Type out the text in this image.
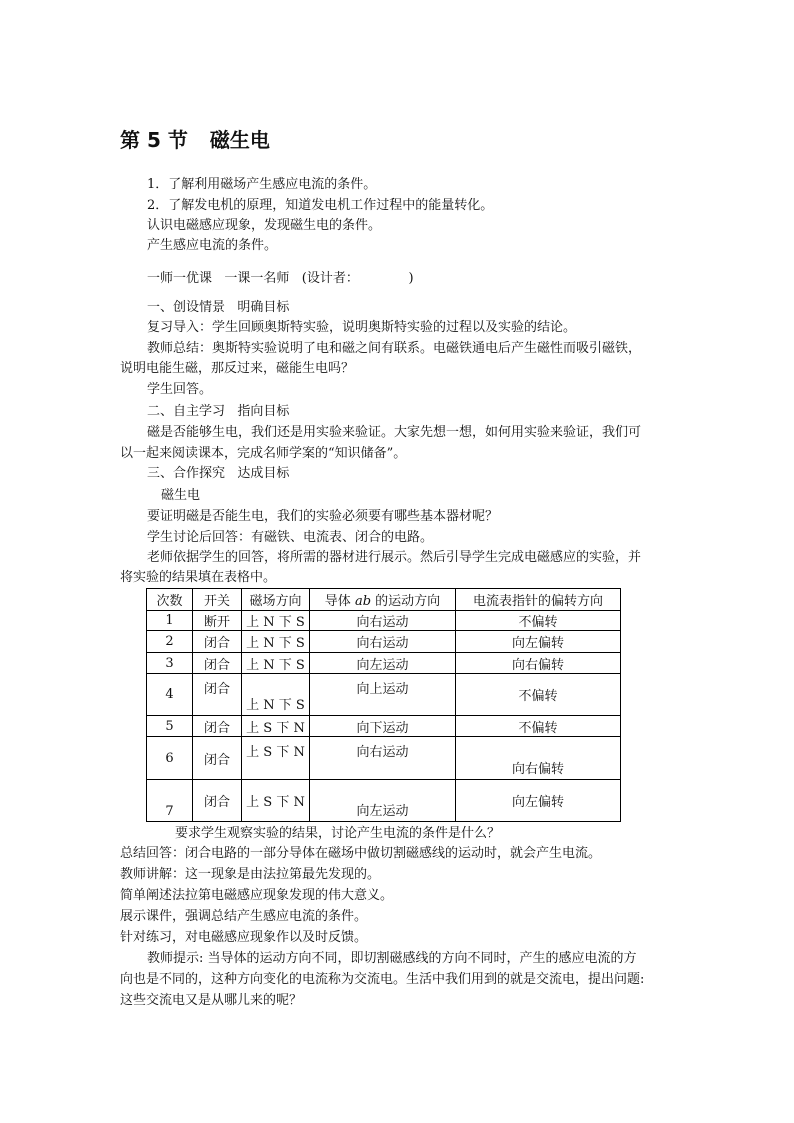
第 5 节 磁生电
1．了解利用磁场产生感应电流的条件。
2．了解发电机的原理，知道发电机工作过程中的能量转化。
认识电磁感应现象，发现磁生电的条件。
产生感应电流的条件。
一师一优课   一课一名师   (设计者：            )
一、创设情景   明确目标
复习导入：学生回顾奥斯特实验，说明奥斯特实验的过程以及实验的结论。
教师总结：奥斯特实验说明了电和磁之间有联系。电磁铁通电后产生磁性而吸引磁铁，
说明电能生磁，那反过来，磁能生电吗？
学生回答。
二、自主学习   指向目标
磁是否能够生电，我们还是用实验来验证。大家先想一想，如何用实验来验证，我们可
以一起来阅读课本，完成名师学案的“知识储备”。
三、合作探究   达成目标
磁生电
要证明磁是否能生电，我们的实验必须要有哪些基本器材呢？
学生讨论后回答：有磁铁、电流表、闭合的电路。
老师依据学生的回答，将所需的器材进行展示。然后引导学生完成电磁感应的实验，并
将实验的结果填在表格中。
次数	开关	磁场方向	导体 ab 的运动方向	电流表指针的偏转方向
1	断开	上 N 下 S	向右运动	不偏转
2	闭合	上 N 下 S	向右运动	向左偏转
3	闭合	上 N 下 S	向左运动	向右偏转
4	闭合	上 N 下 S	向上运动	不偏转
5	闭合	上 S 下 N	向下运动	不偏转
6	闭合	上 S 下 N	向右运动	向右偏转
7	闭合	上 S 下 N	向左运动	向左偏转
要求学生观察实验的结果，讨论产生电流的条件是什么？
总结回答：闭合电路的一部分导体在磁场中做切割磁感线的运动时，就会产生电流。
教师讲解：这一现象是由法拉第最先发现的。
简单阐述法拉第电磁感应现象发现的伟大意义。
展示课件，强调总结产生感应电流的条件。
针对练习，对电磁感应现象作以及时反馈。
教师提示: 当导体的运动方向不同，即切割磁感线的方向不同时，产生的感应电流的方
向也是不同的，这种方向变化的电流称为交流电。生活中我们用到的就是交流电，提出问题:
这些交流电又是从哪儿来的呢？
